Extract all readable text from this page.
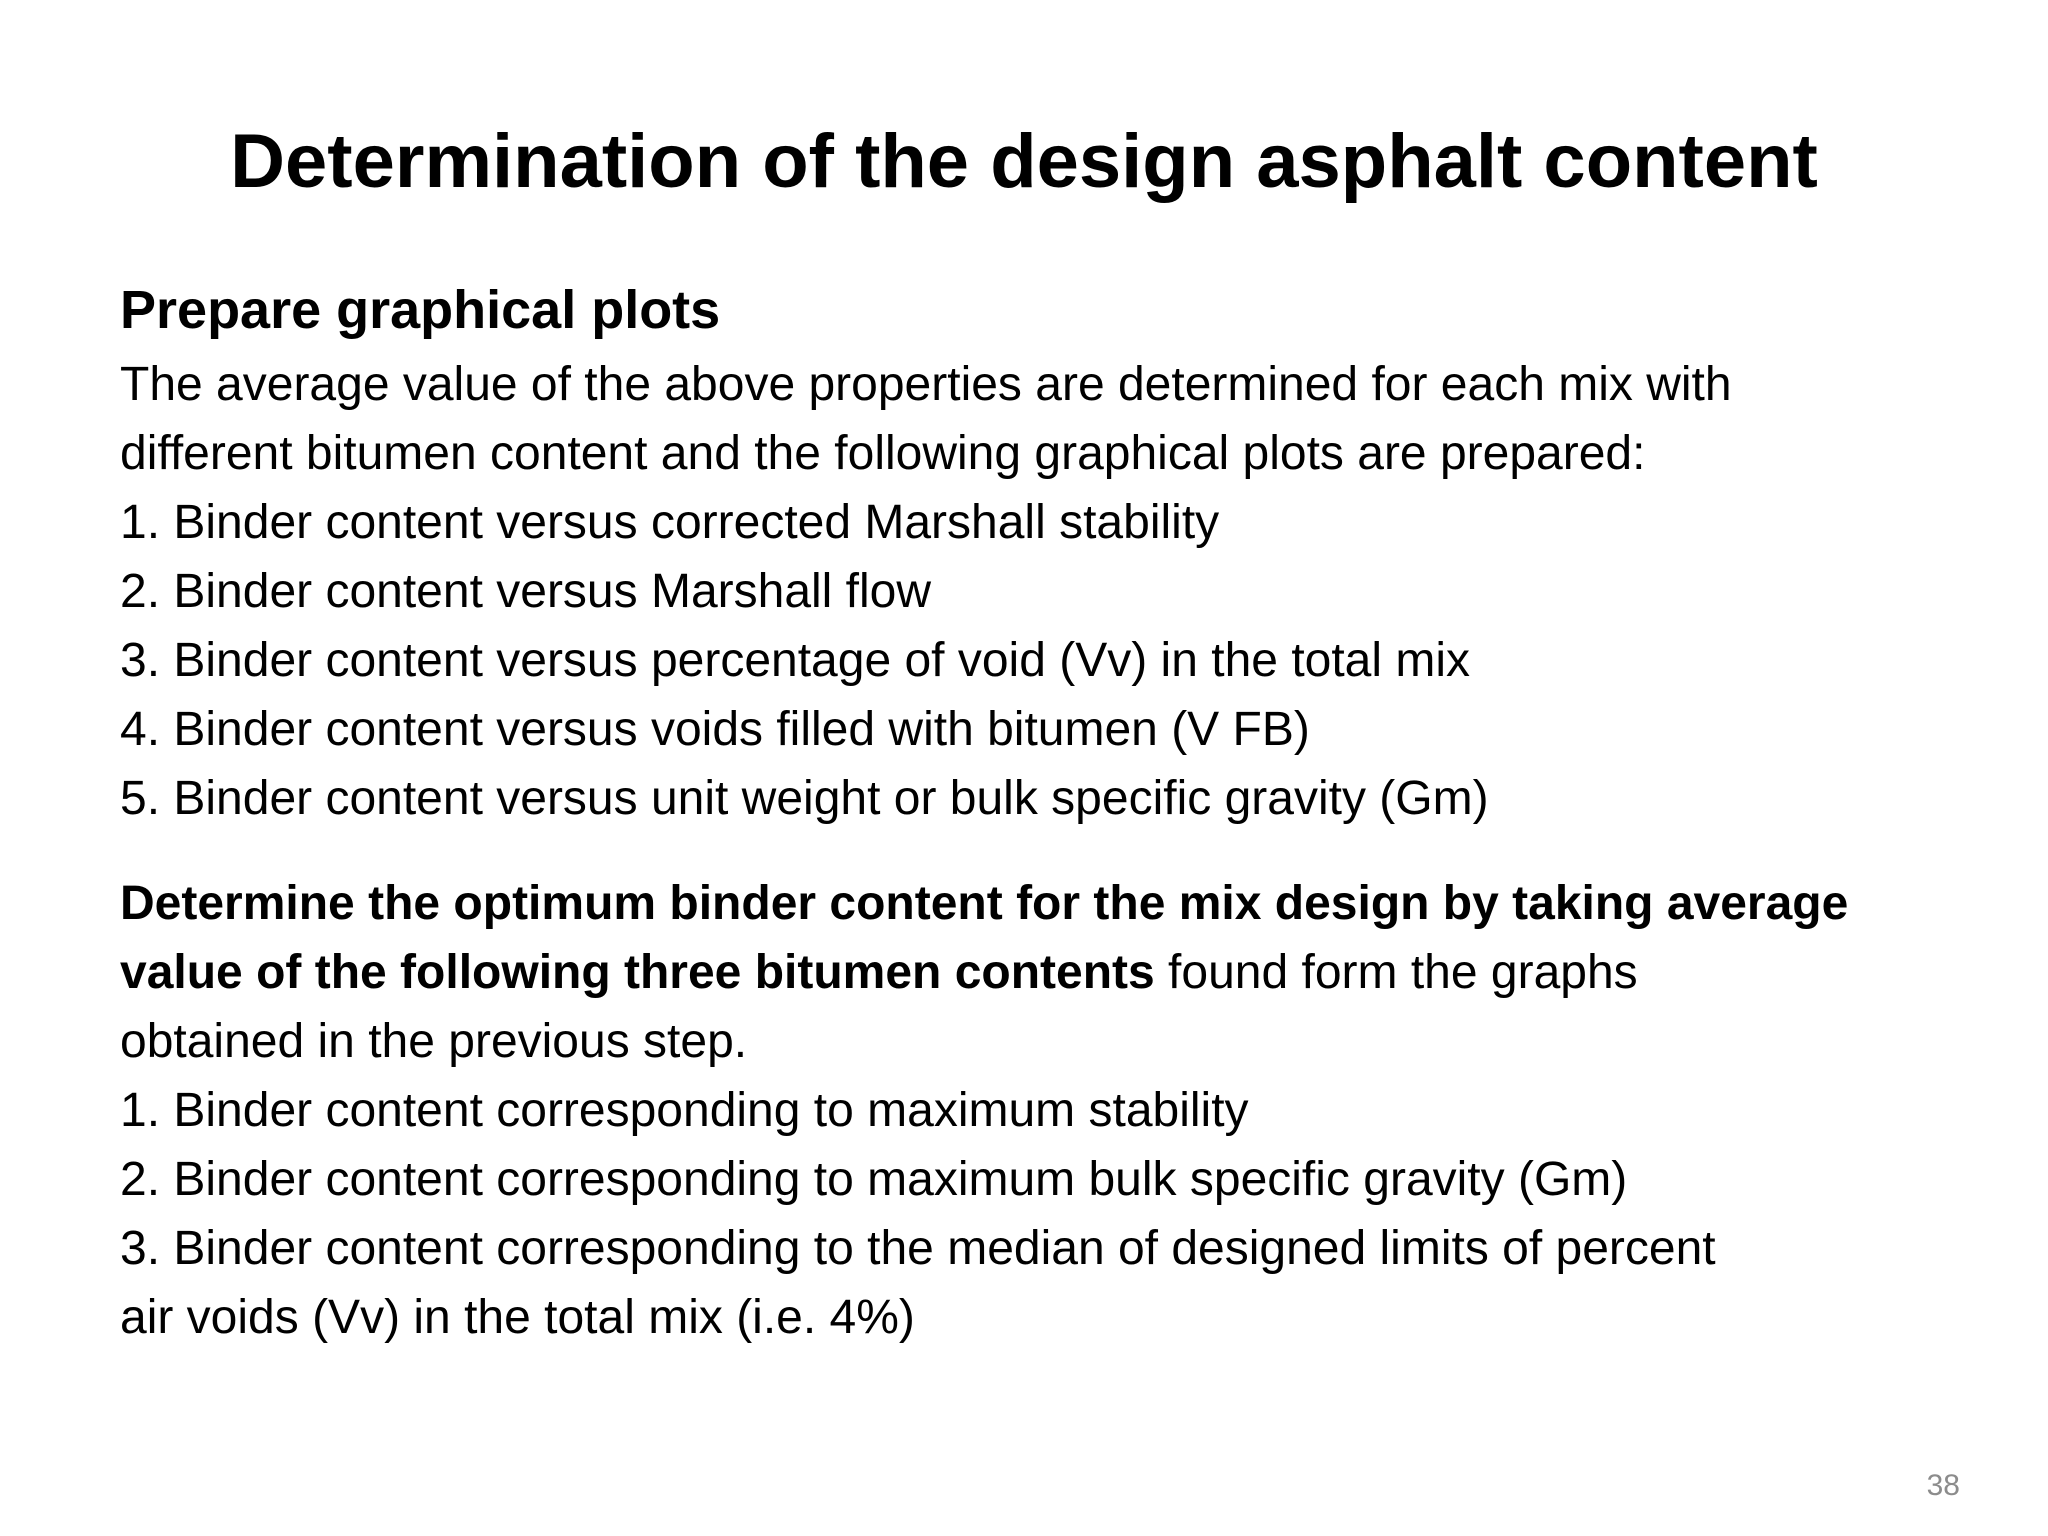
Determination of the design asphalt content
Prepare graphical plots
The average value of the above properties are determined for each mix with
different bitumen content and the following graphical plots are prepared:
1. Binder content versus corrected Marshall stability
2. Binder content versus Marshall flow
3. Binder content versus percentage of void (Vv) in the total mix
4. Binder content versus voids filled with bitumen (V FB)
5. Binder content versus unit weight or bulk specific gravity (Gm)
Determine the optimum binder content for the mix design by taking average
value of the following three bitumen contents found form the graphs
obtained in the previous step.
1. Binder content corresponding to maximum stability
2. Binder content corresponding to maximum bulk specific gravity (Gm)
3. Binder content corresponding to the median of designed limits of percent
air voids (Vv) in the total mix (i.e. 4%)
38
